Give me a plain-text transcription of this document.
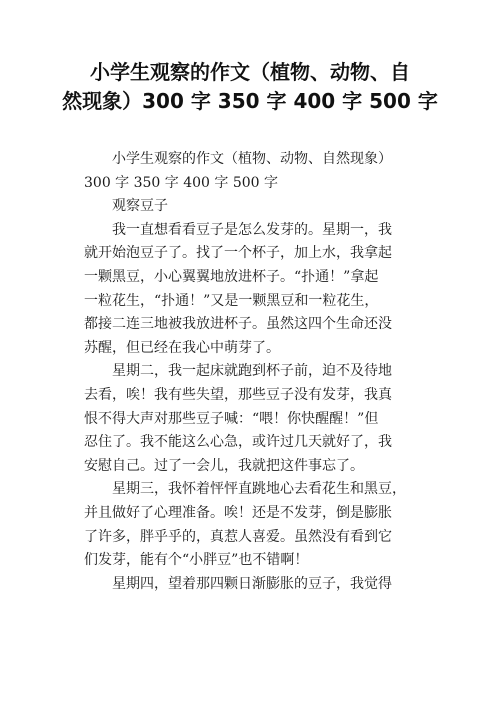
小学生观察的作文（植物、动物、自
然现象）300 字 350 字 400 字 500 字
　　小学生观察的作文（植物、动物、自然现象）
300 字 350 字 400 字 500 字
　　观察豆子
　　我一直想看看豆子是怎么发芽的。星期一，我
就开始泡豆子了。找了一个杯子，加上水，我拿起
一颗黑豆，小心翼翼地放进杯子。“扑通！”拿起
一粒花生，“扑通！”又是一颗黑豆和一粒花生，
都接二连三地被我放进杯子。虽然这四个生命还没
苏醒，但已经在我心中萌芽了。
　　星期二，我一起床就跑到杯子前，迫不及待地
去看，唉！我有些失望，那些豆子没有发芽，我真
恨不得大声对那些豆子喊：“喂！你快醒醒！”但
忍住了。我不能这么心急，或许过几天就好了，我
安慰自己。过了一会儿，我就把这件事忘了。
　　星期三，我怀着怦怦直跳地心去看花生和黑豆，
并且做好了心理准备。唉！还是不发芽，倒是膨胀
了许多，胖乎乎的，真惹人喜爱。虽然没有看到它
们发芽，能有个“小胖豆”也不错啊！
　　星期四，望着那四颗日渐膨胀的豆子，我觉得
